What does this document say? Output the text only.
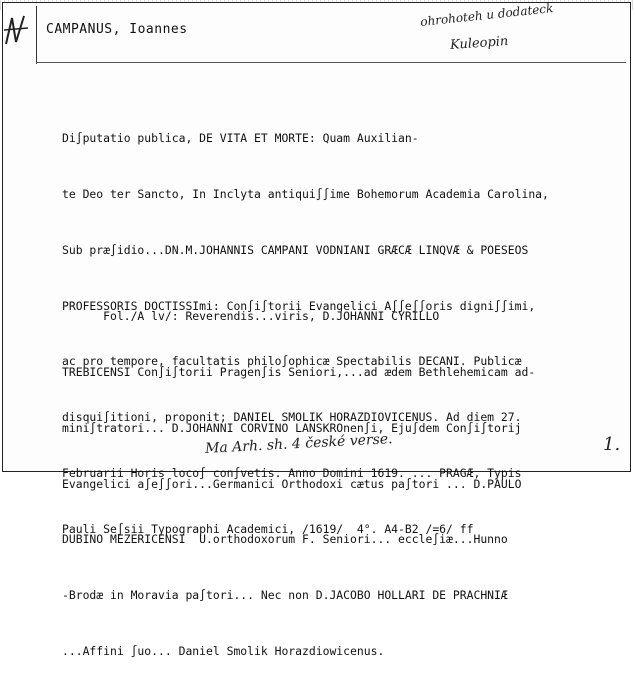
CAMPANUS, Ioannes
ohrohoteh u dodateck
Kuleopin

Di∫putatio publica, DE VITA ET MORTE: Quam Auxilian-

te Deo ter Sancto, In Inclyta antiqui∫∫ime Bohemorum Academia Carolina,

Sub præ∫idio...DN.M.JOHANNIS CAMPANI VODNIANI GRÆCÆ LINQVÆ & POESEOS

PROFESSORIS DOCTISSImi: Con∫i∫torii Evangelici A∫∫e∫∫oris digni∫∫imi,

ac pro tempore, facultatis philo∫ophicæ Spectabilis DECANI. Publicæ

disqui∫itioni, proponit; DANIEL SMOLIK HORAZDIOVICENUS. Ad diem 27.

Februarii Horis loco∫ con∫vetis. Anno Domini 1619. ... PRAGÆ, Typis

Pauli Se∫sii Typographi Academici, /1619/  4°. A4-B2 /=6/ ff

Fol./A lv/: Reverendis...viris, D.JOHANNI CYRILLO

TREBICENSI Con∫i∫torii Pragen∫is Seniori,...ad ædem Bethlehemicam ad-

mini∫tratori... D.JOHANNI CORVINO LANSKROnen∫i, Eju∫dem Con∫i∫torij

Evangelici a∫e∫∫ori...Germanici Orthodoxi cætus pa∫tori ... D.PAULO

DUBINO MEZERICENSI  U.orthodoxorum F. Seniori... eccle∫iæ...Hunno

-Brodæ in Moravia pa∫tori... Nec non D.JACOBO HOLLARI DE PRACHNIÆ

...Affini ∫uo... Daniel Smolik Horazdiowicenus.

Ma Arh. sh. 4 české verse.	1.
